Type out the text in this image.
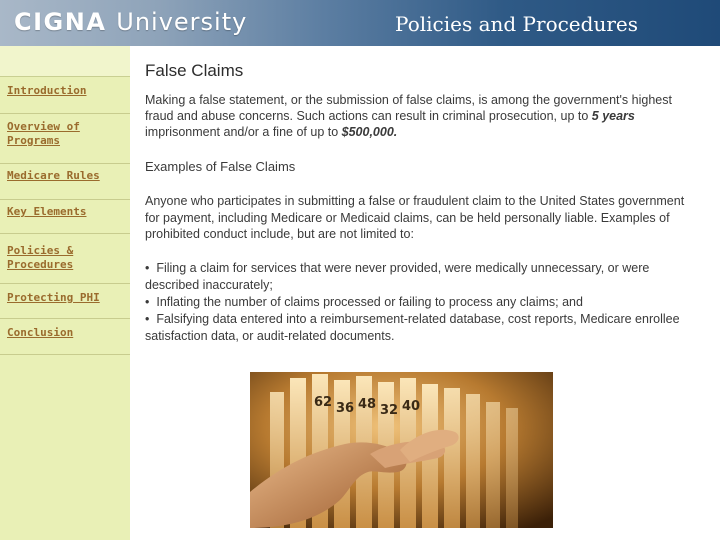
CIGNA University	Policies and Procedures
Introduction
Overview of Programs
Medicare Rules
Key Elements
Policies & Procedures
Protecting PHI
Conclusion
False Claims
Making a false statement, or the submission of false claims, is among the government's highest fraud and abuse concerns. Such actions can result in criminal prosecution, up to 5 years imprisonment and/or a fine of up to $500,000.
Examples of False Claims
Anyone who participates in submitting a false or fraudulent claim to the United States government for payment, including Medicare or Medicaid claims, can be held personally liable. Examples of prohibited conduct include, but are not limited to:
• Filing a claim for services that were never provided, were medically unnecessary, or were described inaccurately;
• Inflating the number of claims processed or failing to process any claims; and
• Falsifying data entered into a reimbursement-related database, cost reports, Medicare enrollee satisfaction data, or audit-related documents.
62 36 48 32 40
